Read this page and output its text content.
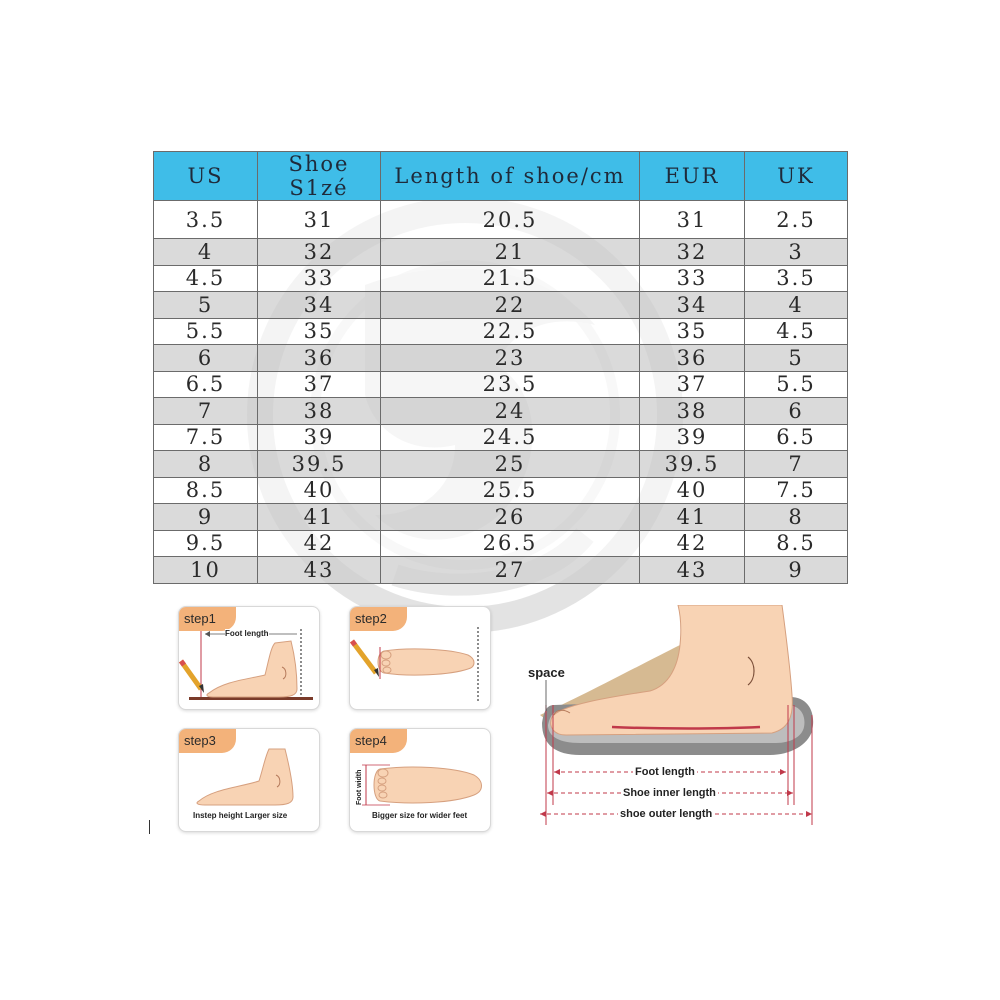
US	Shoe S1zé	Length of shoe/cm	EUR	UK
3.5	31	20.5	31	2.5
4	32	21	32	3
4.5	33	21.5	33	3.5
5	34	22	34	4
5.5	35	22.5	35	4.5
6	36	23	36	5
6.5	37	23.5	37	5.5
7	38	24	38	6
7.5	39	24.5	39	6.5
8	39.5	25	39.5	7
8.5	40	25.5	40	7.5
9	41	26	41	8
9.5	42	26.5	42	8.5
10	43	27	43	9
step1
Foot length
step2
step3
Instep height Larger size
step4
Foot width
Bigger size for wider feet
space
Foot length
Shoe inner length
shoe outer length
